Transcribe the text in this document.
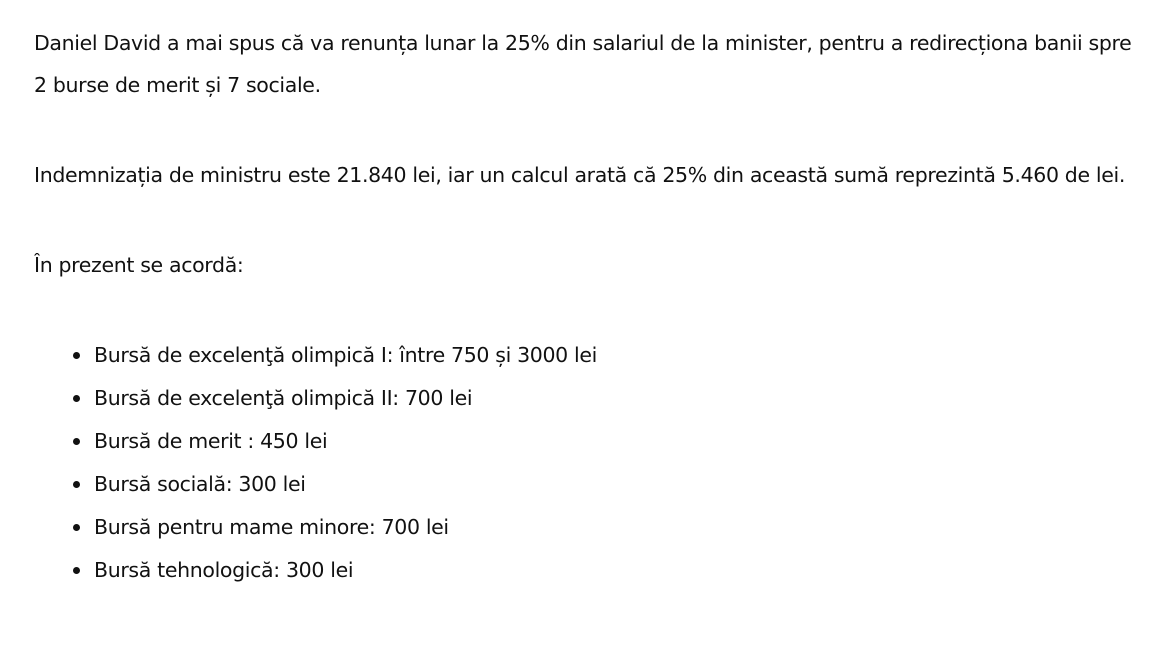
Daniel David a mai spus că va renunța lunar la 25% din salariul de la minister, pentru a redirecționa banii spre 2 burse de merit și 7 sociale.

Indemnizația de ministru este 21.840 lei, iar un calcul arată că 25% din această sumă reprezintă 5.460 de lei.

În prezent se acordă:

Bursă de excelenţă olimpică I: între 750 și 3000 lei
Bursă de excelenţă olimpică II: 700 lei
Bursă de merit : 450 lei
Bursă socială: 300 lei
Bursă pentru mame minore: 700 lei
Bursă tehnologică: 300 lei
